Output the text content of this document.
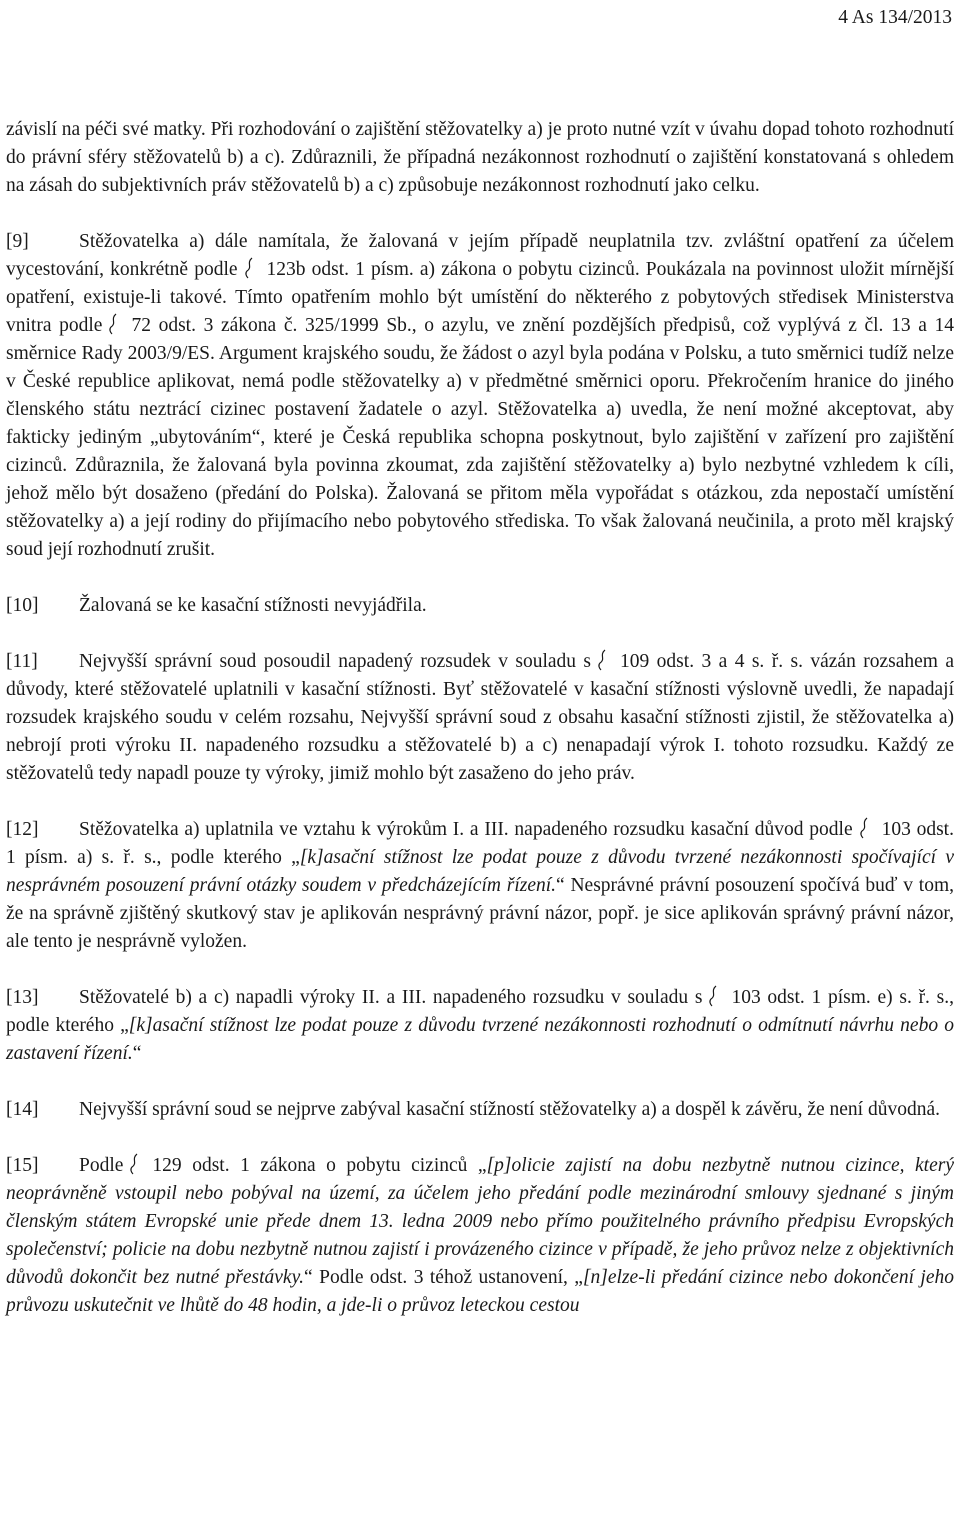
4 As 134/2013

závislí na péči své matky. Při rozhodování o zajištění stěžovatelky a) je proto nutné vzít v úvahu dopad tohoto rozhodnutí do právní sféry stěžovatelů b) a c). Zdůraznili, že případná nezákonnost rozhodnutí o zajištění konstatovaná s ohledem na zásah do subjektivních práv stěžovatelů b) a c) způsobuje nezákonnost rozhodnutí jako celku.

[9]	Stěžovatelka a) dále namítala, že žalovaná v jejím případě neuplatnila tzv. zvláštní opatření za účelem vycestování, konkrétně podle 123b odst. 1 písm. a) zákona o pobytu cizinců. Poukázala na povinnost uložit mírnější opatření, existuje-li takové. Tímto opatřením mohlo být umístění do některého z pobytových středisek Ministerstva vnitra podle 72 odst. 3 zákona č. 325/1999 Sb., o azylu, ve znění pozdějších předpisů, což vyplývá z čl. 13 a 14 směrnice Rady 2003/9/ES. Argument krajského soudu, že žádost o azyl byla podána v Polsku, a tuto směrnici tudíž nelze v České republice aplikovat, nemá podle stěžovatelky a) v předmětné směrnici oporu. Překročením hranice do jiného členského státu neztrácí cizinec postavení žadatele o azyl. Stěžovatelka a) uvedla, že není možné akceptovat, aby fakticky jediným „ubytováním“, které je Česká republika schopna poskytnout, bylo zajištění v zařízení pro zajištění cizinců. Zdůraznila, že žalovaná byla povinna zkoumat, zda zajištění stěžovatelky a) bylo nezbytné vzhledem k cíli, jehož mělo být dosaženo (předání do Polska). Žalovaná se přitom měla vypořádat s otázkou, zda nepostačí umístění stěžovatelky a) a její rodiny do přijímacího nebo pobytového střediska. To však žalovaná neučinila, a proto měl krajský soud její rozhodnutí zrušit.

[10] Žalovaná se ke kasační stížnosti nevyjádřila.

[11] Nejvyšší správní soud posoudil napadený rozsudek v souladu s 109 odst. 3 a 4 s. ř. s. vázán rozsahem a důvody, které stěžovatelé uplatnili v kasační stížnosti. Byť stěžovatelé v kasační stížnosti výslovně uvedli, že napadají rozsudek krajského soudu v celém rozsahu, Nejvyšší správní soud z obsahu kasační stížnosti zjistil, že stěžovatelka a) nebrojí proti výroku II. napadeného rozsudku a stěžovatelé b) a c) nenapadají výrok I. tohoto rozsudku. Každý ze stěžovatelů tedy napadl pouze ty výroky, jimiž mohlo být zasaženo do jeho práv.

[12] Stěžovatelka a) uplatnila ve vztahu k výrokům I. a III. napadeného rozsudku kasační důvod podle 103 odst. 1 písm. a) s. ř. s., podle kterého „[k]asační stížnost lze podat pouze z důvodu tvrzené nezákonnosti spočívající v nesprávném posouzení právní otázky soudem v předcházejícím řízení.“ Nesprávné právní posouzení spočívá buď v tom, že na správně zjištěný skutkový stav je aplikován nesprávný právní názor, popř. je sice aplikován správný právní názor, ale tento je nesprávně vyložen.

[13] Stěžovatelé b) a c) napadli výroky II. a III. napadeného rozsudku v souladu s 103 odst. 1 písm. e) s. ř. s., podle kterého „[k]asační stížnost lze podat pouze z důvodu tvrzené nezákonnosti rozhodnutí o odmítnutí návrhu nebo o zastavení řízení.“

[14] Nejvyšší správní soud se nejprve zabýval kasační stížností stěžovatelky a) a dospěl k závěru, že není důvodná.

[15] Podle 129 odst. 1 zákona o pobytu cizinců „[p]olicie zajistí na dobu nezbytně nutnou cizince, který neoprávněně vstoupil nebo pobýval na území, za účelem jeho předání podle mezinárodní smlouvy sjednané s jiným členským státem Evropské unie přede dnem 13. ledna 2009 nebo přímo použitelného právního předpisu Evropských společenství; policie na dobu nezbytně nutnou zajistí i provázeného cizince v případě, že jeho průvoz nelze z objektivních důvodů dokončit bez nutné přestávky.“ Podle odst. 3 téhož ustanovení, „[n]elze-li předání cizince nebo dokončení jeho průvozu uskutečnit ve lhůtě do 48 hodin, a jde-li o průvoz leteckou cestou
